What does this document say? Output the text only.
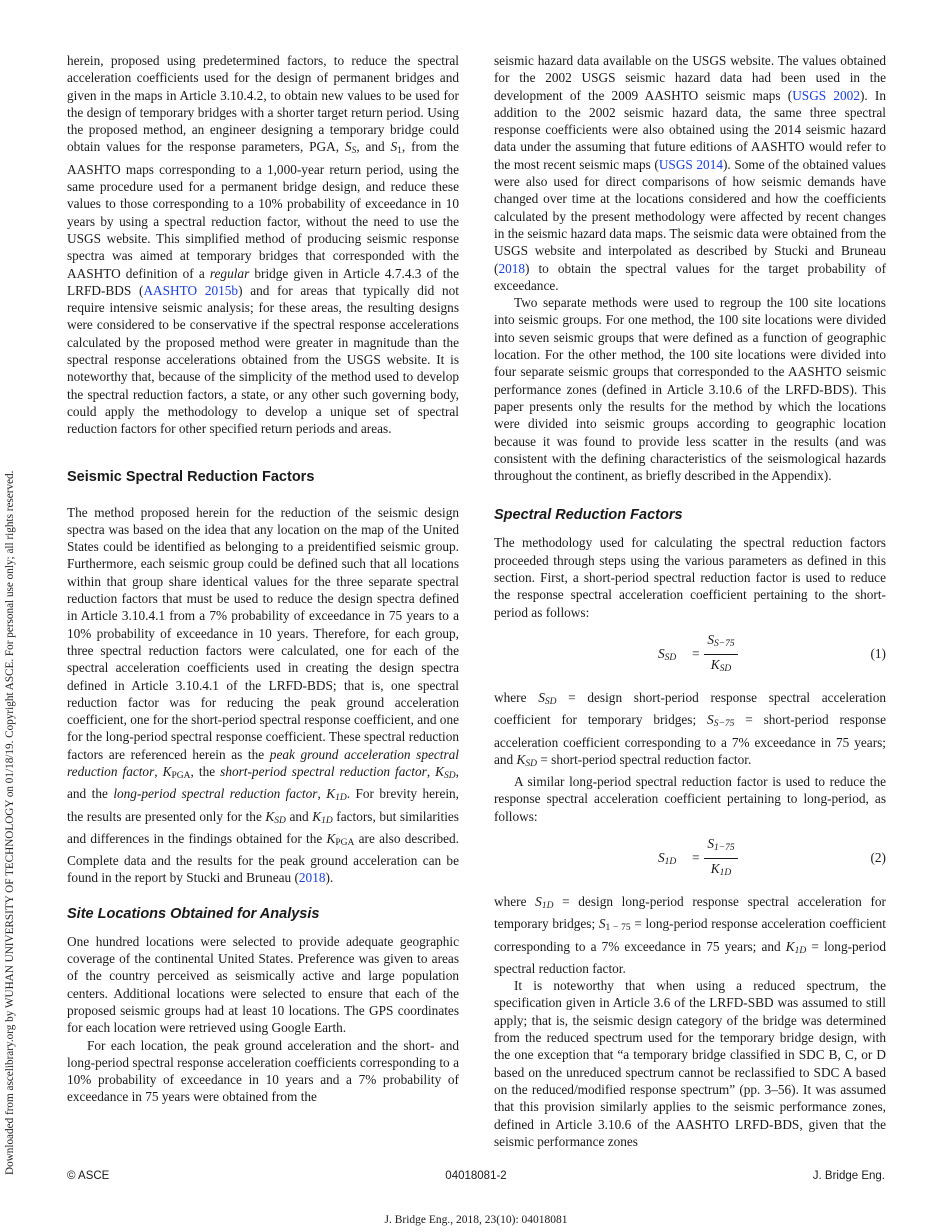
Downloaded from ascelibrary.org by WUHAN UNIVERSITY OF TECHNOLOGY on 01/18/19. Copyright ASCE. For personal use only; all rights reserved.

herein, proposed using predetermined factors, to reduce the spectral acceleration coefficients used for the design of permanent bridges and given in the maps in Article 3.10.4.2, to obtain new values to be used for the design of temporary bridges with a shorter target return period. Using the proposed method, an engineer designing a temporary bridge could obtain values for the response parameters, PGA, $S_S$, and $S_1$, from the AASHTO maps corresponding to a 1,000-year return period, using the same procedure used for a permanent bridge design, and reduce these values to those corresponding to a 10% probability of exceedance in 10 years by using a spectral reduction factor, without the need to use the USGS website. This simplified method of producing seismic response spectra was aimed at temporary bridges that corresponded with the AASHTO definition of a regular bridge given in Article 4.7.4.3 of the LRFD-BDS (AASHTO 2015b) and for areas that typically did not require intensive seismic analysis; for these areas, the resulting designs were considered to be conservative if the spectral response accelerations calculated by the proposed method were greater in magnitude than the spectral response accelerations obtained from the USGS website. It is noteworthy that, because of the simplicity of the method used to develop the spectral reduction factors, a state, or any other such governing body, could apply the methodology to develop a unique set of spectral reduction factors for other specified return periods and areas.

Seismic Spectral Reduction Factors

The method proposed herein for the reduction of the seismic design spectra was based on the idea that any location on the map of the United States could be identified as belonging to a preidentified seismic group. Furthermore, each seismic group could be defined such that all locations within that group share identical values for the three separate spectral reduction factors that must be used to reduce the design spectra defined in Article 3.10.4.1 from a 7% probability of exceedance in 75 years to a 10% probability of exceedance in 10 years. Therefore, for each group, three spectral reduction factors were calculated, one for each of the spectral acceleration coefficients used in creating the design spectra defined in Article 3.10.4.1 of the LRFD-BDS; that is, one spectral reduction factor was for reducing the peak ground acceleration coefficient, one for the short-period spectral response coefficient, and one for the long-period spectral response coefficient. These spectral reduction factors are referenced herein as the peak ground acceleration spectral reduction factor, $K_{PGA}$, the short-period spectral reduction factor, $K_{SD}$, and the long-period spectral reduction factor, $K_{1D}$. For brevity herein, the results are presented only for the $K_{SD}$ and $K_{1D}$ factors, but similarities and differences in the findings obtained for the $K_{PGA}$ are also described. Complete data and the results for the peak ground acceleration can be found in the report by Stucki and Bruneau (2018).

Site Locations Obtained for Analysis

One hundred locations were selected to provide adequate geographic coverage of the continental United States. Preference was given to areas of the country perceived as seismically active and large population centers. Additional locations were selected to ensure that each of the proposed seismic groups had at least 10 locations. The GPS coordinates for each location were retrieved using Google Earth.

For each location, the peak ground acceleration and the short- and long-period spectral response acceleration coefficients corresponding to a 10% probability of exceedance in 10 years and a 7% probability of exceedance in 75 years were obtained from the

seismic hazard data available on the USGS website. The values obtained for the 2002 USGS seismic hazard data had been used in the development of the 2009 AASHTO seismic maps (USGS 2002). In addition to the 2002 seismic hazard data, the same three spectral response coefficients were also obtained using the 2014 seismic hazard data under the assuming that future editions of AASHTO would refer to the most recent seismic maps (USGS 2014). Some of the obtained values were also used for direct comparisons of how seismic demands have changed over time at the locations considered and how the coefficients calculated by the present methodology were affected by recent changes in the seismic hazard data maps. The seismic data were obtained from the USGS website and interpolated as described by Stucki and Bruneau (2018) to obtain the spectral values for the target probability of exceedance.

Two separate methods were used to regroup the 100 site locations into seismic groups. For one method, the 100 site locations were divided into seven seismic groups that were defined as a function of geographic location. For the other method, the 100 site locations were divided into four separate seismic groups that corresponded to the AASHTO seismic performance zones (defined in Article 3.10.6 of the LRFD-BDS). This paper presents only the results for the method by which the locations were divided into seismic groups according to geographic location because it was found to provide less scatter in the results (and was consistent with the defining characteristics of the seismological hazards throughout the continent, as briefly described in the Appendix).

Spectral Reduction Factors

The methodology used for calculating the spectral reduction factors proceeded through steps using the various parameters as defined in this section. First, a short-period spectral reduction factor is used to reduce the response spectral acceleration coefficient pertaining to the short-period as follows:

$S_{SD}$ =
$S_{S-75}$
$K_{SD}$
(1)

where $S_{SD}$ = design short-period response spectral acceleration coefficient for temporary bridges; $S_{S-75}$ = short-period response acceleration coefficient corresponding to a 7% exceedance in 75 years; and $K_{SD}$ = short-period spectral reduction factor.

A similar long-period spectral reduction factor is used to reduce the response spectral acceleration coefficient pertaining to long-period, as follows:

$S_{1D} = \frac{S_{1-75}}{K_{1D}}$	(2)

where $S_{1D}$ = design long-period response spectral acceleration for temporary bridges; $S_{1 - 75}$ = long-period response acceleration coefficient corresponding to a 7% exceedance in 75 years; and $K_{1D}$ = long-period spectral reduction factor.

It is noteworthy that when using a reduced spectrum, the specification given in Article 3.6 of the LRFD-SBD was assumed to still apply; that is, the seismic design category of the bridge was determined from the reduced spectrum used for the temporary bridge design, with the one exception that “a temporary bridge classified in SDC B, C, or D based on the unreduced spectrum cannot be reclassified to SDC A based on the reduced/modified response spectrum” (pp. 3–56). It was assumed that this provision similarly applies to the seismic performance zones, defined in Article 3.10.6 of the AASHTO LRFD-BDS, given that the seismic performance zones

© ASCE	04018081-2	J. Bridge Eng.
J. Bridge Eng., 2018, 23(10): 04018081
